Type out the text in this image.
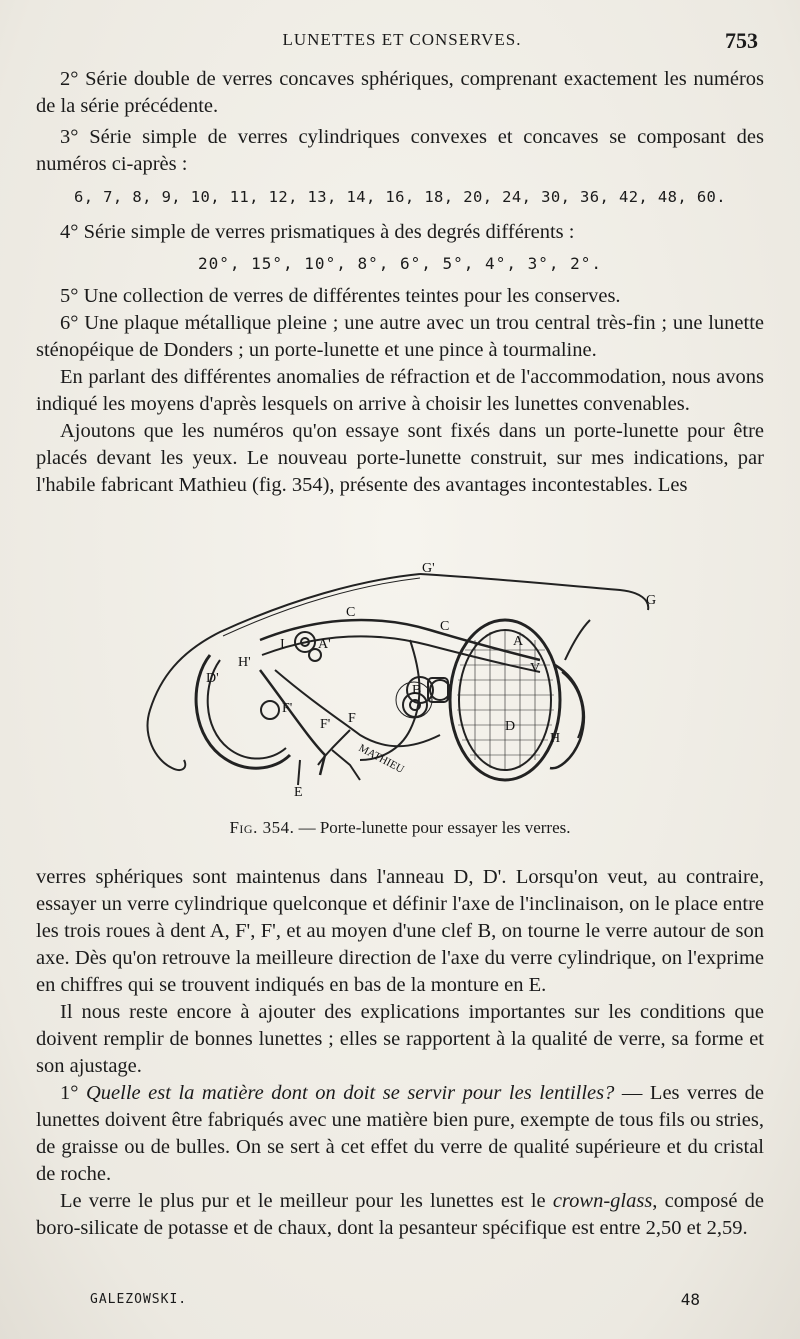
LUNETTES ET CONSERVES.	753

2° Série double de verres concaves sphériques, comprenant exactement les numéros de la série précédente.

3° Série simple de verres cylindriques convexes et concaves se composant des numéros ci-après :

6, 7, 8, 9, 10, 11, 12, 13, 14, 16, 18, 20, 24, 30, 36, 42, 48, 60.

4° Série simple de verres prismatiques à des degrés différents :

20°, 15°, 10°, 8°, 6°, 5°, 4°, 3°, 2°.

5° Une collection de verres de différentes teintes pour les conserves.

6° Une plaque métallique pleine ; une autre avec un trou central très-fin ; une lunette sténopéique de Donders ; un porte-lunette et une pince à tourmaline.

En parlant des différentes anomalies de réfraction et de l'accommodation, nous avons indiqué les moyens d'après lesquels on arrive à choisir les lunettes convenables.

Ajoutons que les numéros qu'on essaye sont fixés dans un porte-lunette pour être placés devant les yeux. Le nouveau porte-lunette construit, sur mes indications, par l'habile fabricant Mathieu (fig. 354), présente des avantages incontestables. Les

G'
G
C
C
I A'	A
H'
D'
F'
F' F
E
B
D
H
V
MATHIEU
Fig. 354. — Porte-lunette pour essayer les verres.

verres sphériques sont maintenus dans l'anneau D, D'. Lorsqu'on veut, au contraire, essayer un verre cylindrique quelconque et définir l'axe de l'inclinaison, on le place entre les trois roues à dent A, F', F', et au moyen d'une clef B, on tourne le verre autour de son axe. Dès qu'on retrouve la meilleure direction de l'axe du verre cylindrique, on l'exprime en chiffres qui se trouvent indiqués en bas de la monture en E.

Il nous reste encore à ajouter des explications importantes sur les conditions que doivent remplir de bonnes lunettes ; elles se rapportent à la qualité de verre, sa forme et son ajustage.

1° Quelle est la matière dont on doit se servir pour les lentilles? — Les verres de lunettes doivent être fabriqués avec une matière bien pure, exempte de tous fils ou stries, de graisse ou de bulles. On se sert à cet effet du verre de qualité supérieure et du cristal de roche.

Le verre le plus pur et le meilleur pour les lunettes est le crown-glass, composé de boro-silicate de potasse et de chaux, dont la pesanteur spécifique est entre 2,50 et 2,59.

GALEZOWSKI.	48
